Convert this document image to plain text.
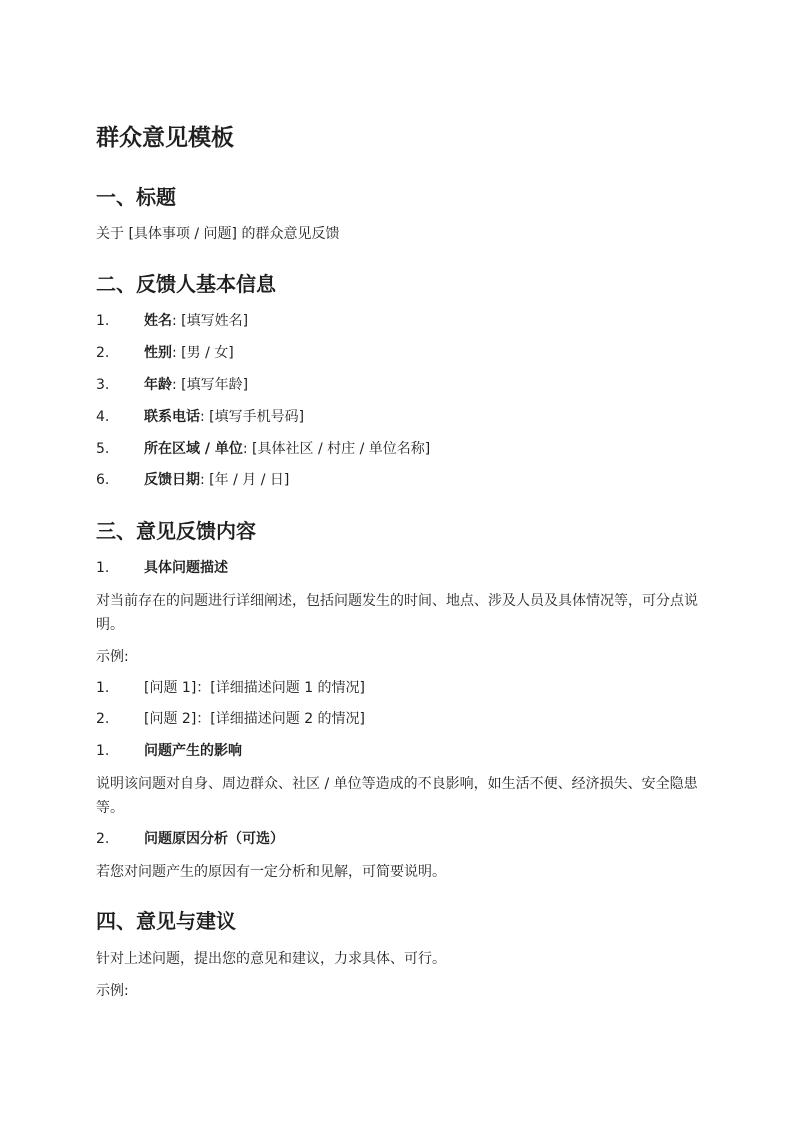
群众意见模板
一、标题
关于 [具体事项 / 问题] 的群众意见反馈
二、反馈人基本信息
1. 姓名: [填写姓名]
2. 性别: [男 / 女]
3. 年龄: [填写年龄]
4. 联系电话: [填写手机号码]
5. 所在区域 / 单位: [具体社区 / 村庄 / 单位名称]
6. 反馈日期: [年 / 月 / 日]
三、意见反馈内容
1. 具体问题描述
对当前存在的问题进行详细阐述，包括问题发生的时间、地点、涉及人员及具体情况等，可分点说明。
示例:
1. [问题 1]：[详细描述问题 1 的情况]
2. [问题 2]：[详细描述问题 2 的情况]
1. 问题产生的影响
说明该问题对自身、周边群众、社区 / 单位等造成的不良影响，如生活不便、经济损失、安全隐患等。
2. 问题原因分析（可选）
若您对问题产生的原因有一定分析和见解，可简要说明。
四、意见与建议
针对上述问题，提出您的意见和建议，力求具体、可行。
示例:
